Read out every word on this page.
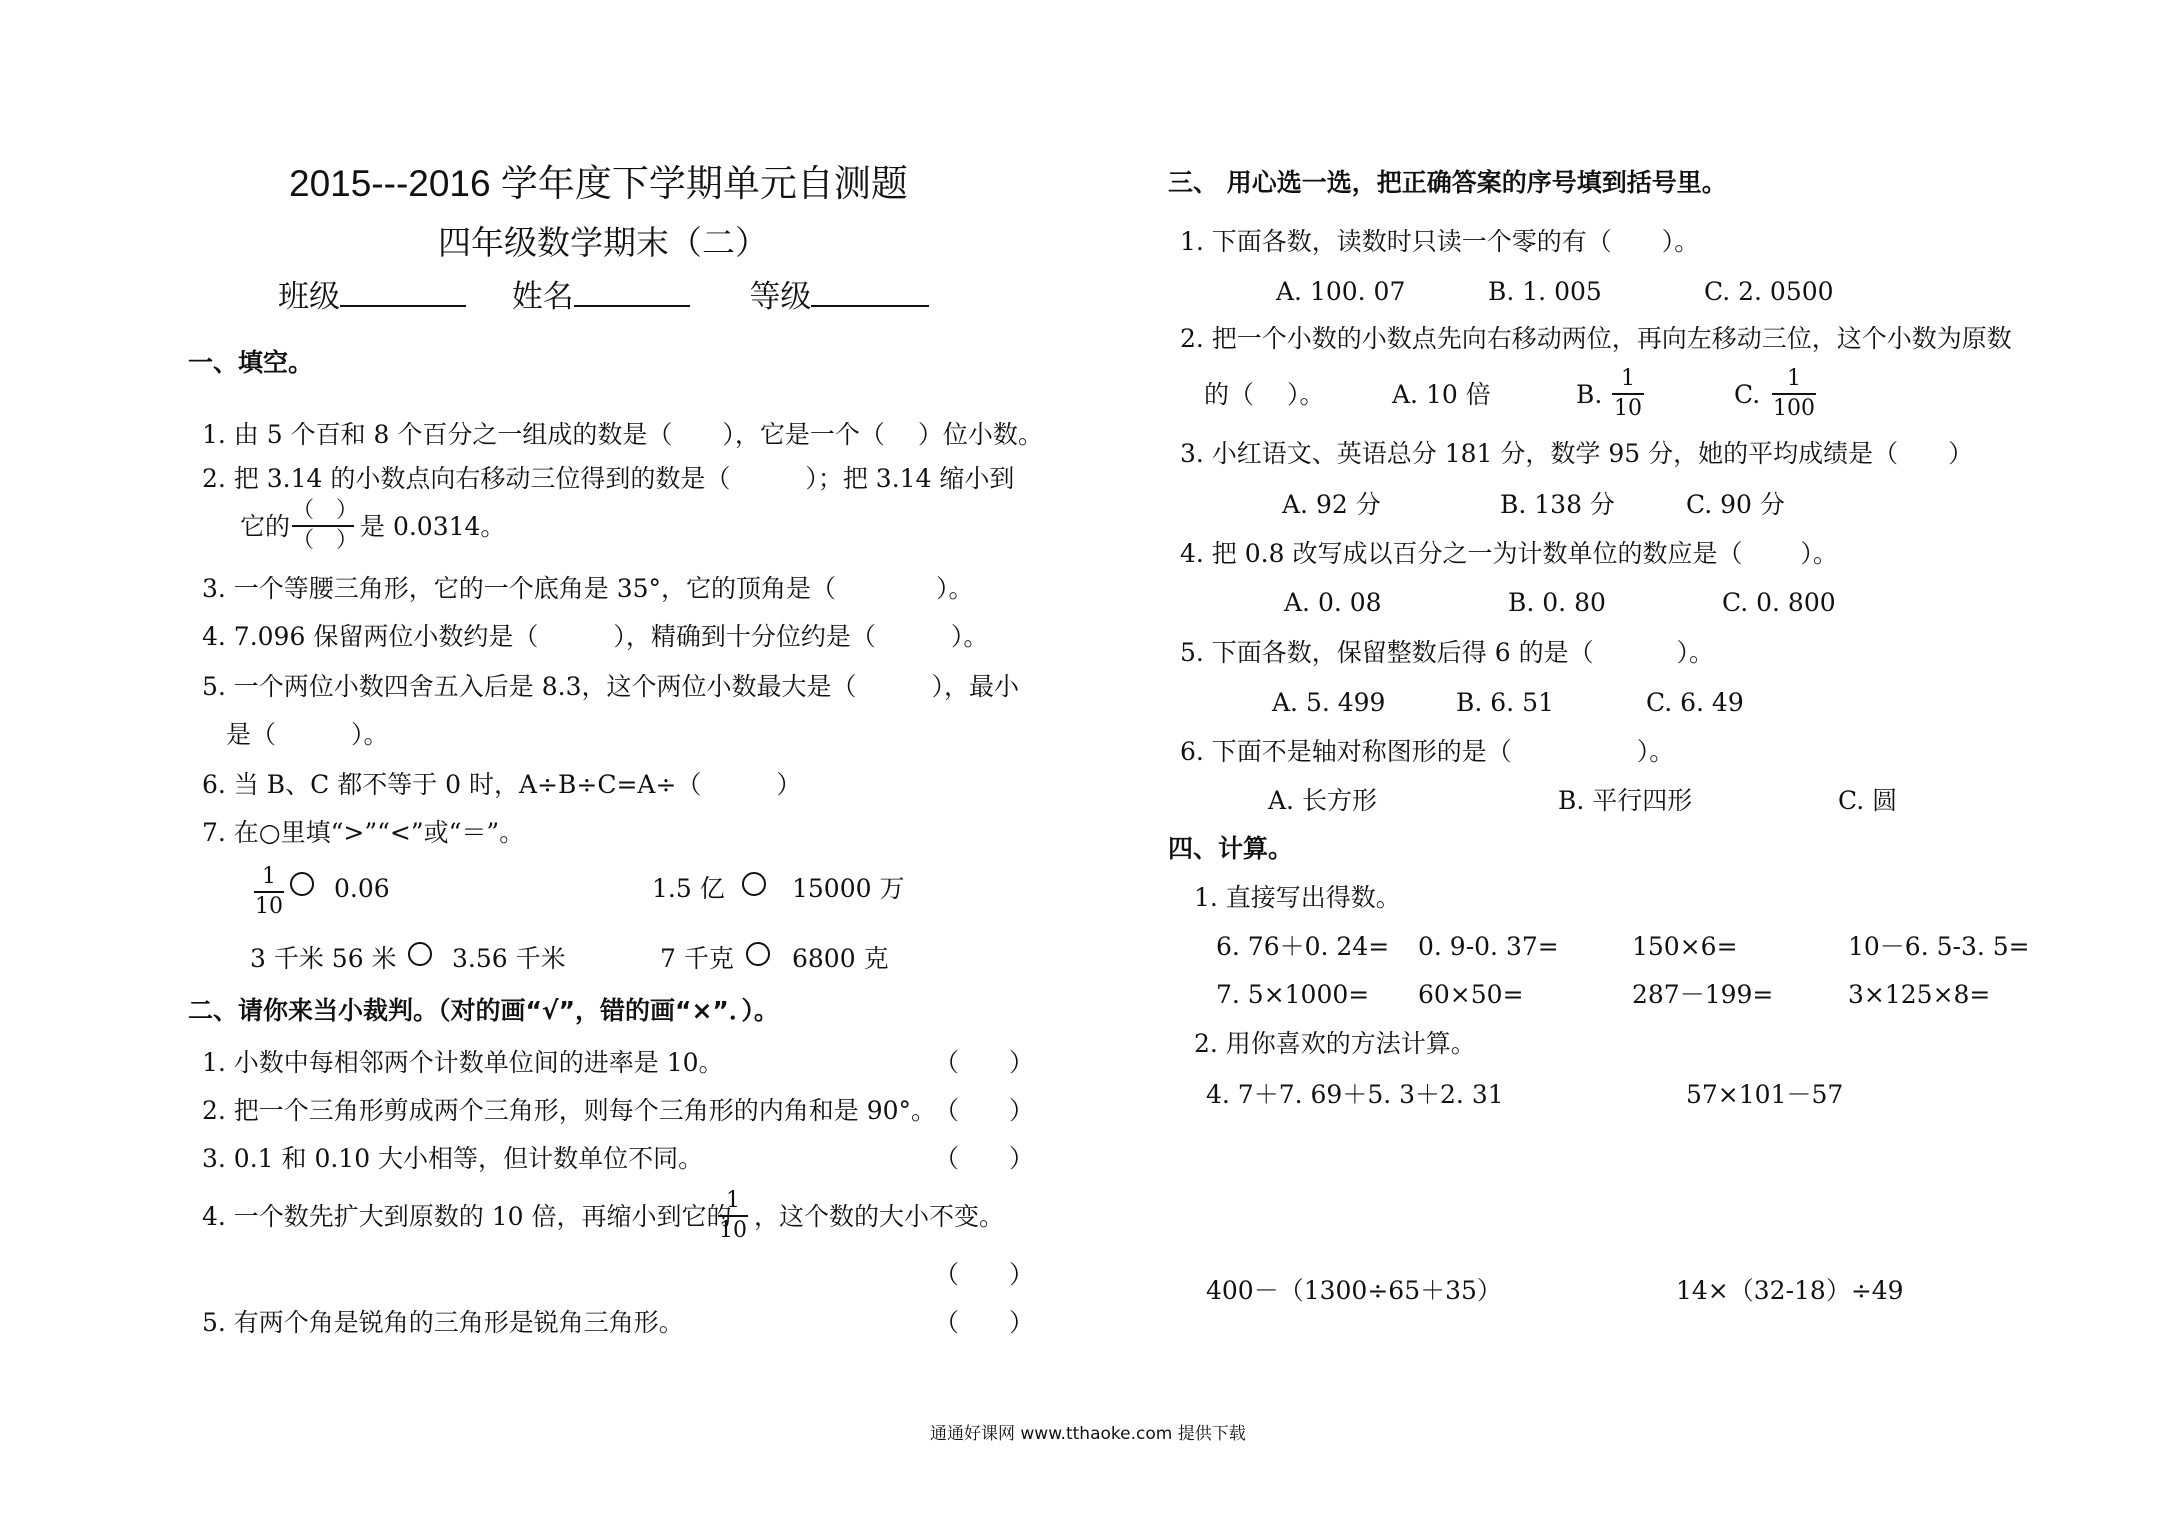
2015---2016 学年度下学期单元自测题
四年级数学期末（二）
班级	姓名	等级
一、填空。
1. 由 5 个百和 8 个百分之一组成的数是（　　），它是一个（　 ）位小数。
2. 把 3.14 的小数点向右移动三位得到的数是（　　　）；把 3.14 缩小到
它的
（　）
（　） 是 0.0314。
3. 一个等腰三角形，它的一个底角是 35°，它的顶角是（　　　　）。
4. 7.096 保留两位小数约是（　　　），精确到十分位约是（　　　）。
5. 一个两位小数四舍五入后是 8.3，这个两位小数最大是（　　　），最小
是（　　　）。
6. 当 B、C 都不等于 0 时，A÷B÷C=A÷（　　　）
7. 在○里填“>”“<”或“＝”。
1
10
0.06	1.5 亿	15000 万
3 千米 56 米 3.56 千米	7 千克 6800 克
二、请你来当小裁判。（对的画“√”，错的画“×”．）。
1. 小数中每相邻两个计数单位间的进率是 10。	（　　）
2. 把一个三角形剪成两个三角形，则每个三角形的内角和是 90°。
（　　）
3. 0.1 和 0.10 大小相等，但计数单位不同。	（　　）
4. 一个数先扩大到原数的 10 倍，再缩小到它的
1
10 ，这个数的大小不变。
（　　）
5. 有两个角是锐角的三角形是锐角三角形。	（　　）
三、 用心选一选，把正确答案的序号填到括号里。
1. 下面各数，读数时只读一个零的有（　　）。
A. 100. 07	B. 1. 005	C. 2. 0500
2. 把一个小数的小数点先向右移动两位，再向左移动三位，这个小数为原数
的（　 ）。	A. 10 倍	B.
1
10	C.
1
100
3. 小红语文、英语总分 181 分，数学 95 分，她的平均成绩是（　　）
A. 92 分	B. 138 分	C. 90 分
4. 把 0.8 改写成以百分之一为计数单位的数应是（　　 ）。
A. 0. 08	B. 0. 80	C. 0. 800
5. 下面各数，保留整数后得 6 的是（　　　 ）。
A. 5. 499	B. 6. 51	C. 6. 49
6. 下面不是轴对称图形的是（　　　　　）。
A. 长方形	B. 平行四形	C. 圆
四、计算。
1. 直接写出得数。
6. 76＋0. 24= 0. 9-0. 37=	150×6=	10－6. 5-3. 5=
7. 5×1000= 60×50=	287－199=	3×125×8=
2. 用你喜欢的方法计算。
4. 7＋7. 69＋5. 3＋2. 31	57×101－57
400－（1300÷65＋35）	14×（32-18）÷49
通通好课网 www.tthaoke.com 提供下载
